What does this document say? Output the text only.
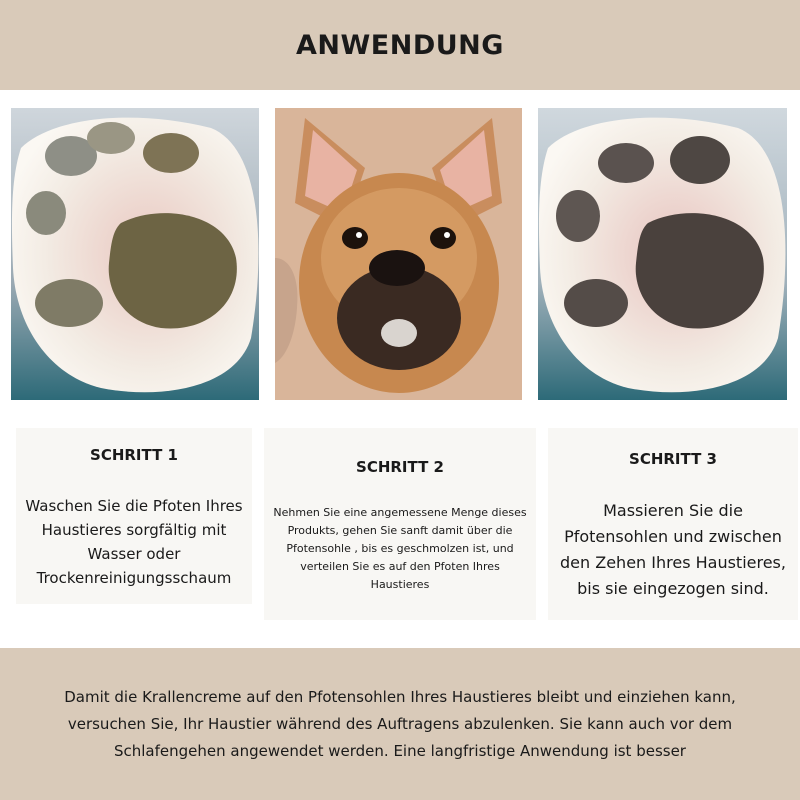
ANWENDUNG
SCHRITT 1
Waschen Sie die Pfoten Ihres
Haustieres sorgfältig mit
Wasser oder
Trockenreinigungsschaum
SCHRITT 2
Nehmen Sie eine angemessene Menge dieses
Produkts, gehen Sie sanft damit über die
Pfotensohle , bis es geschmolzen ist, und
verteilen Sie es auf den Pfoten Ihres
Haustieres
SCHRITT 3
Massieren Sie die
Pfotensohlen und zwischen
den Zehen Ihres Haustieres,
bis sie eingezogen sind.

Damit die Krallencreme auf den Pfotensohlen Ihres Haustieres bleibt und einziehen kann,
versuchen Sie, Ihr Haustier während des Auftragens abzulenken. Sie kann auch vor dem
Schlafengehen angewendet werden. Eine langfristige Anwendung ist besser
